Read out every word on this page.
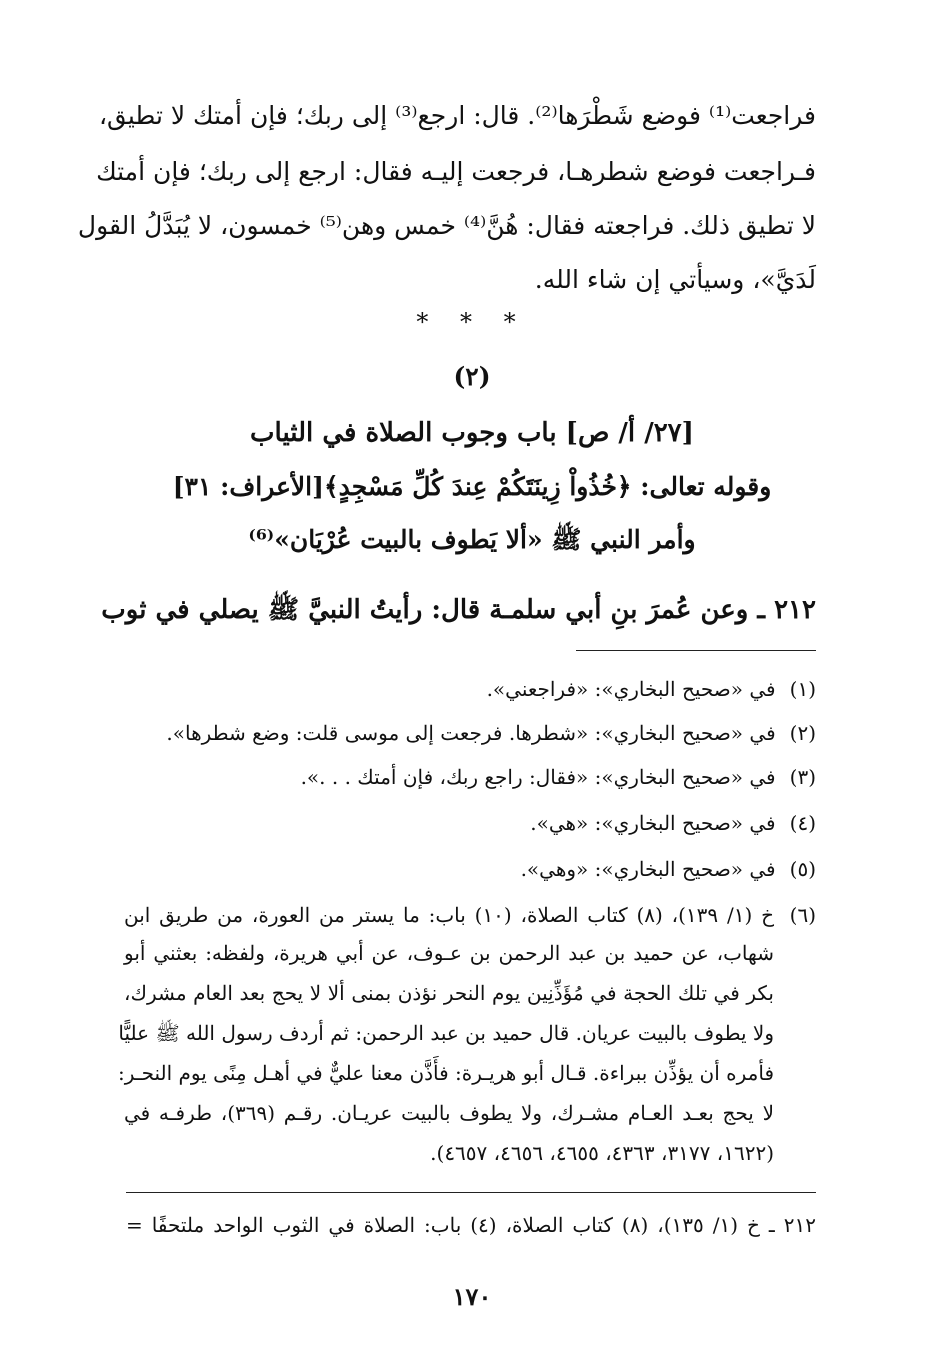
فراجعت⁽¹⁾ فوضع شَطْرَها⁽²⁾. قال: ارجع⁽³⁾ إلى ربك؛ فإن أمتك لا تطيق،
فـراجعت فوضع شطرهـا، فرجعت إليـه فقال: ارجع إلى ربك؛ فإن أمتك
لا تطيق ذلك. فراجعته فقال: هُنَّ⁽⁴⁾ خمس وهن⁽⁵⁾ خمسون، لا يُبَدَّلُ القول
لَدَيَّ»، وسيأتي إن شاء الله.
* * *
(٢)
[٢٧/ أ/ ص] باب وجوب الصلاة في الثياب
وقوله تعالى: ﴿خُذُواْ زِينَتَكُمْ عِندَ كُلِّ مَسْجِدٍ﴾[الأعراف: ٣١]
وأمر النبي ﷺ «ألا يَطوف بالبيت عُرْيَان»⁽⁶⁾
٢١٢ ـ وعن عُمرَ بنِ أبي سلمـة قال: رأيتُ النبيَّ ﷺ يصلي في ثوب
(١)في «صحيح البخاري»: «فراجعني».
(٢)في «صحيح البخاري»: «شطرها. فرجعت إلى موسى قلت: وضع شطرها».
(٣)في «صحيح البخاري»: «فقال: راجع ربك، فإن أمتك . . .».
(٤)في «صحيح البخاري»: «هي».
(٥)في «صحيح البخاري»: «وهي».
(٦)
خ (١/ ١٣٩)، (٨) كتاب الصلاة، (١٠) باب: ما يستر من العورة، من طريق ابن
شهاب، عن حميد بن عبد الرحمن بن عـوف، عن أبي هريرة، ولفظه: بعثني أبو
بكر في تلك الحجة في مُؤَذِّنِين يوم النحر نؤذن بمنى ألا لا يحج بعد العام مشرك،
ولا يطوف بالبيت عريان. قال حميد بن عبد الرحمن: ثم أردف رسول الله ﷺ عليًّا
فأمره أن يؤذِّن ببراءة. قـال أبو هريـرة: فأَذَّن معنا عليٌّ في أهـل مِنًى يوم النحـر:
لا يحج بعـد العـام مشـرك، ولا يطوف بالبيت عريـان. رقـم (٣٦٩)، طرفـه في
(١٦٢٢، ٣١٧٧، ٤٣٦٣، ٤٦٥٥، ٤٦٥٦، ٤٦٥٧).
٢١٢ ـ خ (١/ ١٣٥)، (٨) كتاب الصلاة، (٤) باب: الصلاة في الثوب الواحد ملتحفًا =
١٧٠
